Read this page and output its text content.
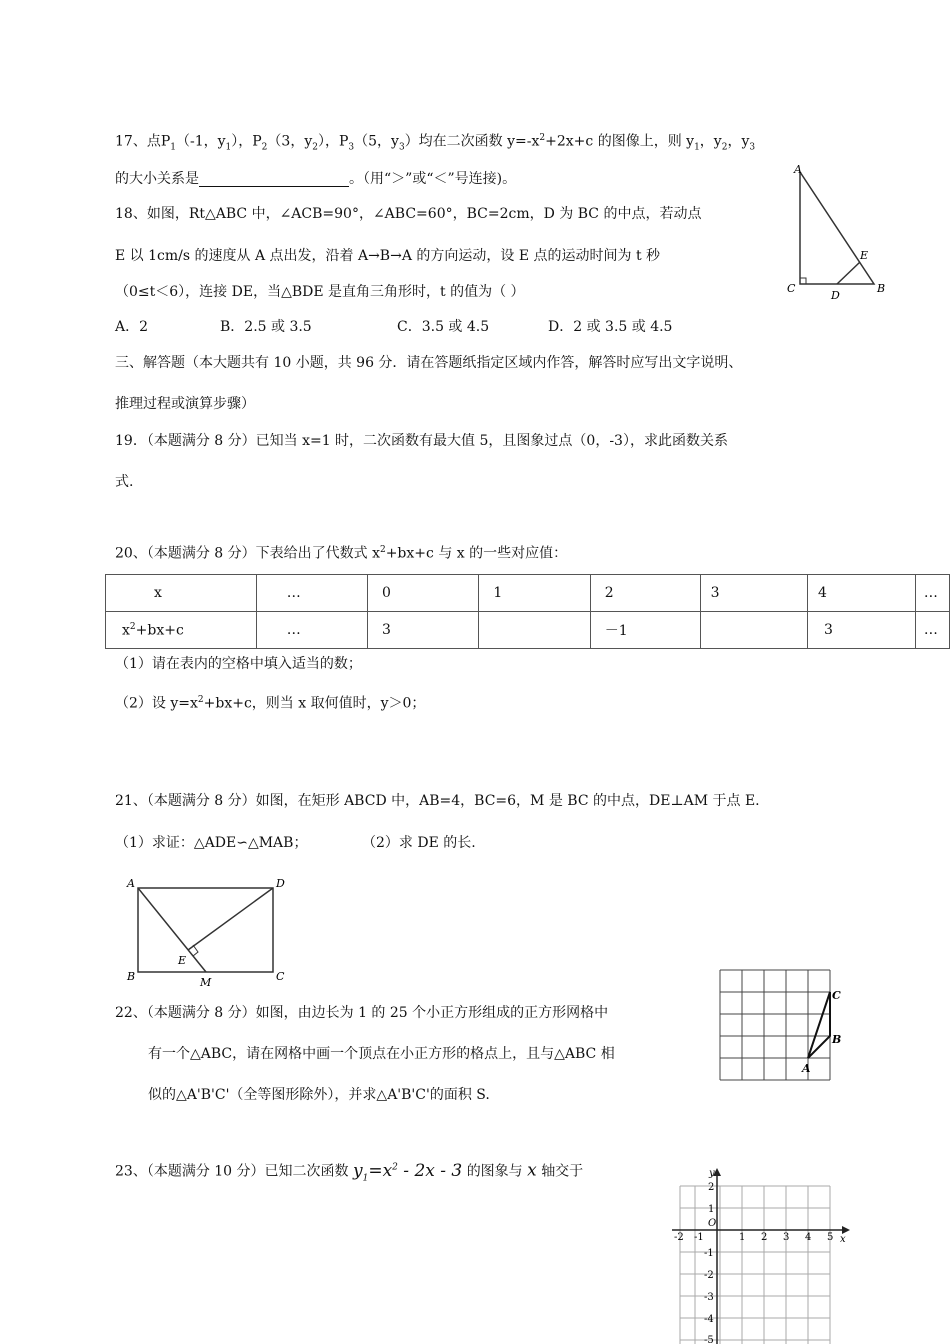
17、点$P_1(-1$，$y_1$），$P_2(3$，$y_2$），$P_3(5$，$y_3$）均在二次函数 $y=-x^2+2x+c$ 的图像上，则 $y_1$，$y_2$，$y_3$
的大小关系是	。（用“＞”或“＜”号连接)。
A
C
D
E
B
18、如图，Rt△ABC 中，∠ACB=90°，∠ABC=60°，BC=2cm，D 为 BC 的中点，若动点
E 以 1cm/s 的速度从 A 点出发，沿着 A→B→A 的方向运动，设 E 点的运动时间为 t 秒
（0≤t＜6），连接 DE，当△BDE 是直角三角形时，t 的值为（ ）
A．2	B．2.5 或 3.5	C．3.5 或 4.5	D．2 或 3.5 或 4.5
三、解答题（本大题共有 10 小题，共 96 分．请在答题纸指定区域内作答，解答时应写出文字说明、
推理过程或演算步骤）
19．（本题满分 8 分）已知当 x=1 时，二次函数有最大值 5，且图象过点（0，-3），求此函数关系
式.
20、（本题满分 8 分）下表给出了代数式 $x^2+bx+c$ 与 x 的一些对应值：
x	…	0	1	2	3	4	…
$x^2+bx+c$	…	3		－1		3	…
（1）请在表内的空格中填入适当的数；
（2）设 $y=x^2+bx+c$，则当 x 取何值时，y＞0；
21、（本题满分 8 分）如图，在矩形 ABCD 中，AB=4，BC=6，M 是 BC 的中点，DE⊥AM 于点 E.
（1）求证：△ADE∽△MAB；	（2）求 DE 的长.
A	D
B	C
E
M
A
B
C
22、（本题满分 8 分）如图，由边长为 1 的 25 个小正方形组成的正方形网格中
有一个△ABC，请在网格中画一个顶点在小正方形的格点上，且与△ABC 相
似的△A'B'C'（全等图形除外），并求△A'B'C'的面积 S.
23、（本题满分 10 分）已知二次函数 $y_1=x^2 - 2x - 3$ 的图象与 x 轴交于	y
x
O
-2 -1	1 2 3 4 5
2
1
-1
-2
-3
-4
-5
